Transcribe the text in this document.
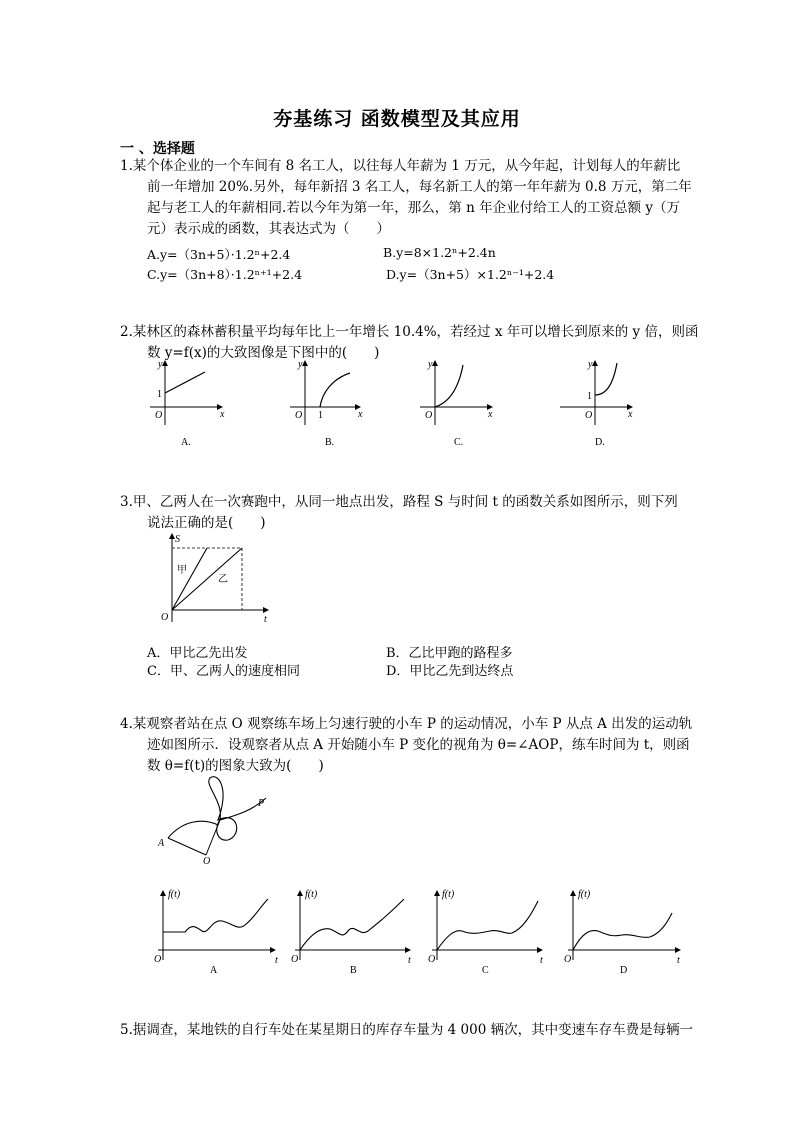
夯基练习 函数模型及其应用
一 、选择题
1.某个体企业的一个车间有 8 名工人，以往每人年薪为 1 万元，从今年起，计划每人的年薪比
前一年增加 20%.另外，每年新招 3 名工人，每名新工人的第一年年薪为 0.8 万元，第二年
起与老工人的年薪相同.若以今年为第一年，那么，第 n 年企业付给工人的工资总额 y（万
元）表示成的函数，其表达式为（　　）
A.y=（3n+5）·1.2ⁿ+2.4	B.y=8×1.2ⁿ+2.4n
C.y=（3n+8）·1.2ⁿ⁺¹+2.4	D.y=（3n+5）×1.2ⁿ⁻¹+2.4
2.某林区的森林蓄积量平均每年比上一年增长 10.4%，若经过 x 年可以增长到原来的 y 倍，则函
数 y=f(x)的大致图像是下图中的(　　)
y
x
O
1
A.
y
x
O 1
B.
y
x
O
C.
y
x
O
1
D.
3.甲、乙两人在一次赛跑中，从同一地点出发，路程 S 与时间 t 的函数关系如图所示，则下列
说法正确的是(　　)
S
t
O
甲
乙
A．甲比乙先出发	B．乙比甲跑的路程多
C．甲、乙两人的速度相同	D．甲比乙先到达终点
4.某观察者站在点 O 观察练车场上匀速行驶的小车 P 的运动情况，小车 P 从点 A 出发的运动轨
迹如图所示．设观察者从点 A 开始随小车 P 变化的视角为 θ=∠AOP，练车时间为 t，则函
数 θ=f(t)的图象大致为(　　)
P
A
O
f(t)
t
O
A
f(t)
t
O
B
f(t)
t
O
C
f(t)
t
O
D
5.据调查，某地铁的自行车处在某星期日的库存车量为 4 000 辆次，其中变速车存车费是每辆一
